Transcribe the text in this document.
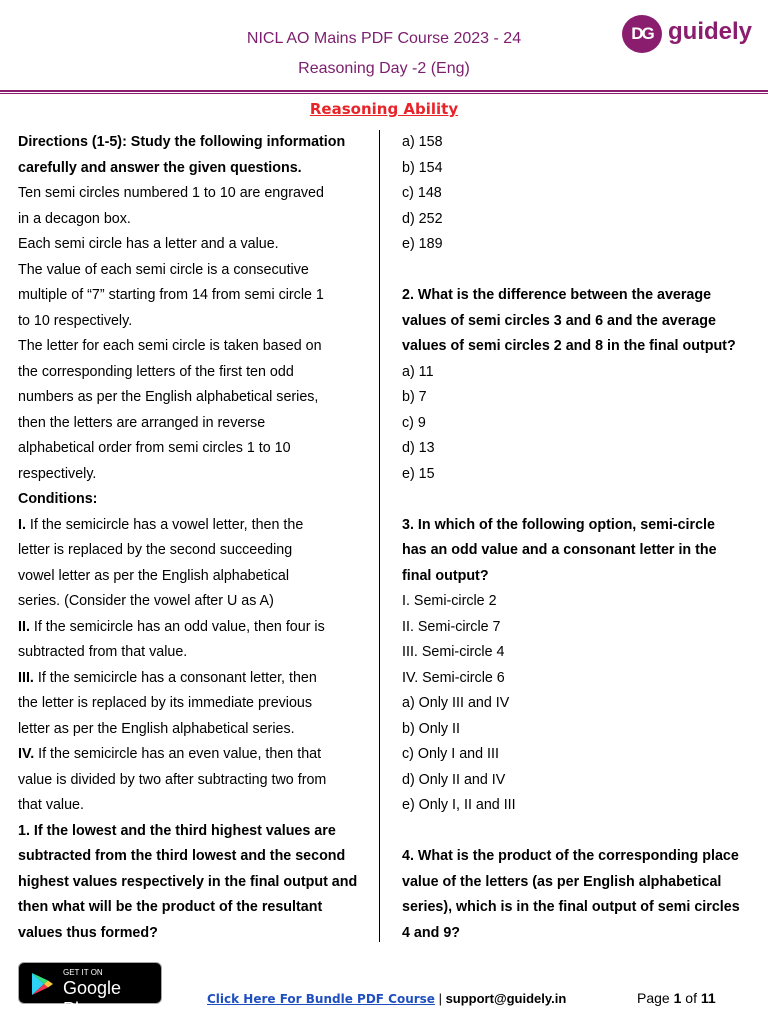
NICL AO Mains PDF Course 2023 - 24
Reasoning Day -2 (Eng)
DG guidely
Reasoning Ability

Directions (1-5): Study the following information

carefully and answer the given questions.

Ten semi circles numbered 1 to 10 are engraved

in a decagon box.

Each semi circle has a letter and a value.

The value of each semi circle is a consecutive

multiple of “7” starting from 14 from semi circle 1

to 10 respectively.

The letter for each semi circle is taken based on

the corresponding letters of the first ten odd

numbers as per the English alphabetical series,

then the letters are arranged in reverse

alphabetical order from semi circles 1 to 10

respectively.

Conditions:

I. If the semicircle has a vowel letter, then the

letter is replaced by the second succeeding

vowel letter as per the English alphabetical

series. (Consider the vowel after U as A)

II. If the semicircle has an odd value, then four is

subtracted from that value.

III. If the semicircle has a consonant letter, then

the letter is replaced by its immediate previous

letter as per the English alphabetical series.

IV. If the semicircle has an even value, then that

value is divided by two after subtracting two from

that value.

1. If the lowest and the third highest values are

subtracted from the third lowest and the second

highest values respectively in the final output and

then what will be the product of the resultant

values thus formed?

a) 158

b) 154

c) 148

d) 252

e) 189

2. What is the difference between the average

values of semi circles 3 and 6 and the average

values of semi circles 2 and 8 in the final output?

a) 11

b) 7

c) 9

d) 13

e) 15

3. In which of the following option, semi-circle

has an odd value and a consonant letter in the

final output?

I. Semi-circle 2

II. Semi-circle 7

III. Semi-circle 4

IV. Semi-circle 6

a) Only III and IV

b) Only II

c) Only I and III

d) Only II and IV

e) Only I, II and III

4. What is the product of the corresponding place

value of the letters (as per English alphabetical

series), which is in the final output of semi circles

4 and 9?

GET IT ON
Google Play	Click Here For Bundle PDF Course | support@guidely.in	Page 1 of 11
